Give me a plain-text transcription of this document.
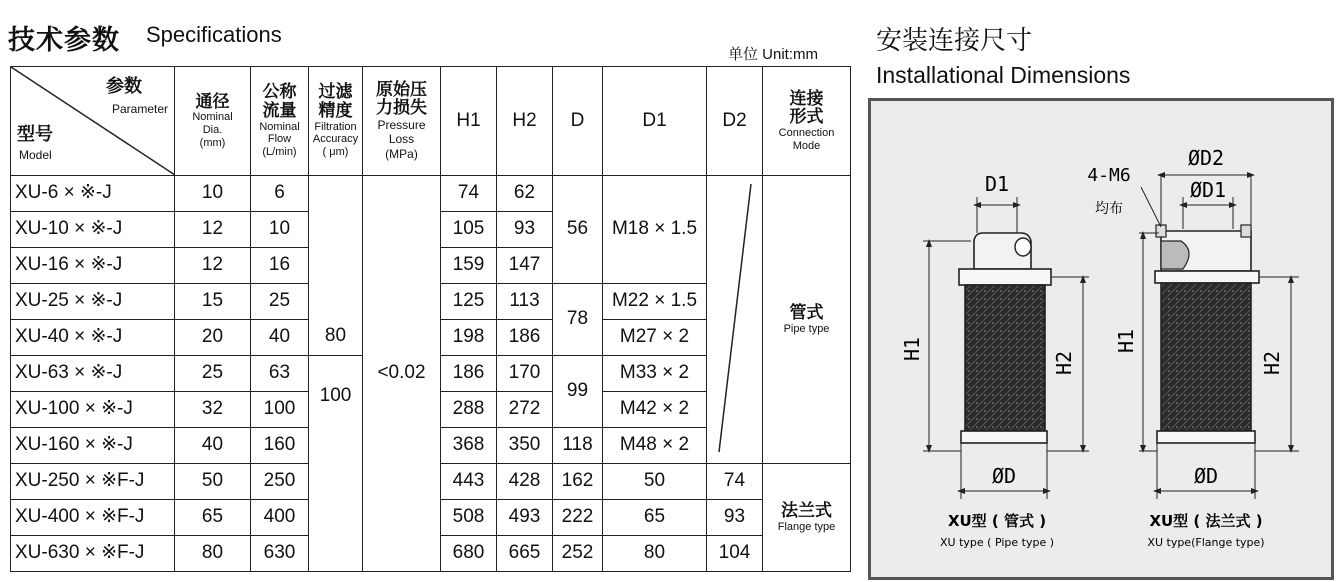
技术参数 Specifications
单位 Unit:mm 安装连接尺寸
Installational Dimensions
参数
Parameter
型号
Model	通径
Nominal
Dia.
(mm)	公称
流量
Nominal
Flow
(L/min)	过滤
精度
Filtration
Accuracy
( μm)	原始压
力损失
Pressure
Loss
(MPa)	H1	H2	D	D1	D2	连接
形式
Connection
Mode

XU-6 × ※-J	10	6	80	<0.02	74	62	56	M18 × 1.5		管式
Pipe type

XU-10 × ※-J	12	10			105	93				
XU-16 × ※-J	12	16			159	147				
XU-25 × ※-J	15	25			125	113	78	M22 × 1.5		
XU-40 × ※-J	20	40			198	186		M27 × 2		
XU-63 × ※-J	25	63	100		186	170	99	M33 × 2		
XU-100 × ※-J	32	100			288	272		M42 × 2		
XU-160 × ※-J	40	160			368	350	118	M48 × 2		
XU-250 × ※F-J	50	250			443	428	162	50	74	法兰式
Flange type

XU-400 × ※F-J	65	400			508	493	222	65	93	
XU-630 × ※F-J	80	630			680	665	252	80	104	
D1
H1
H2
ØD
ØD2
ØD1
4-M6
均布
H1
H2
ØD
XU型 ( 管式 )
XU type ( Pipe type )
XU型 ( 法兰式 )
XU type(Flange type)
